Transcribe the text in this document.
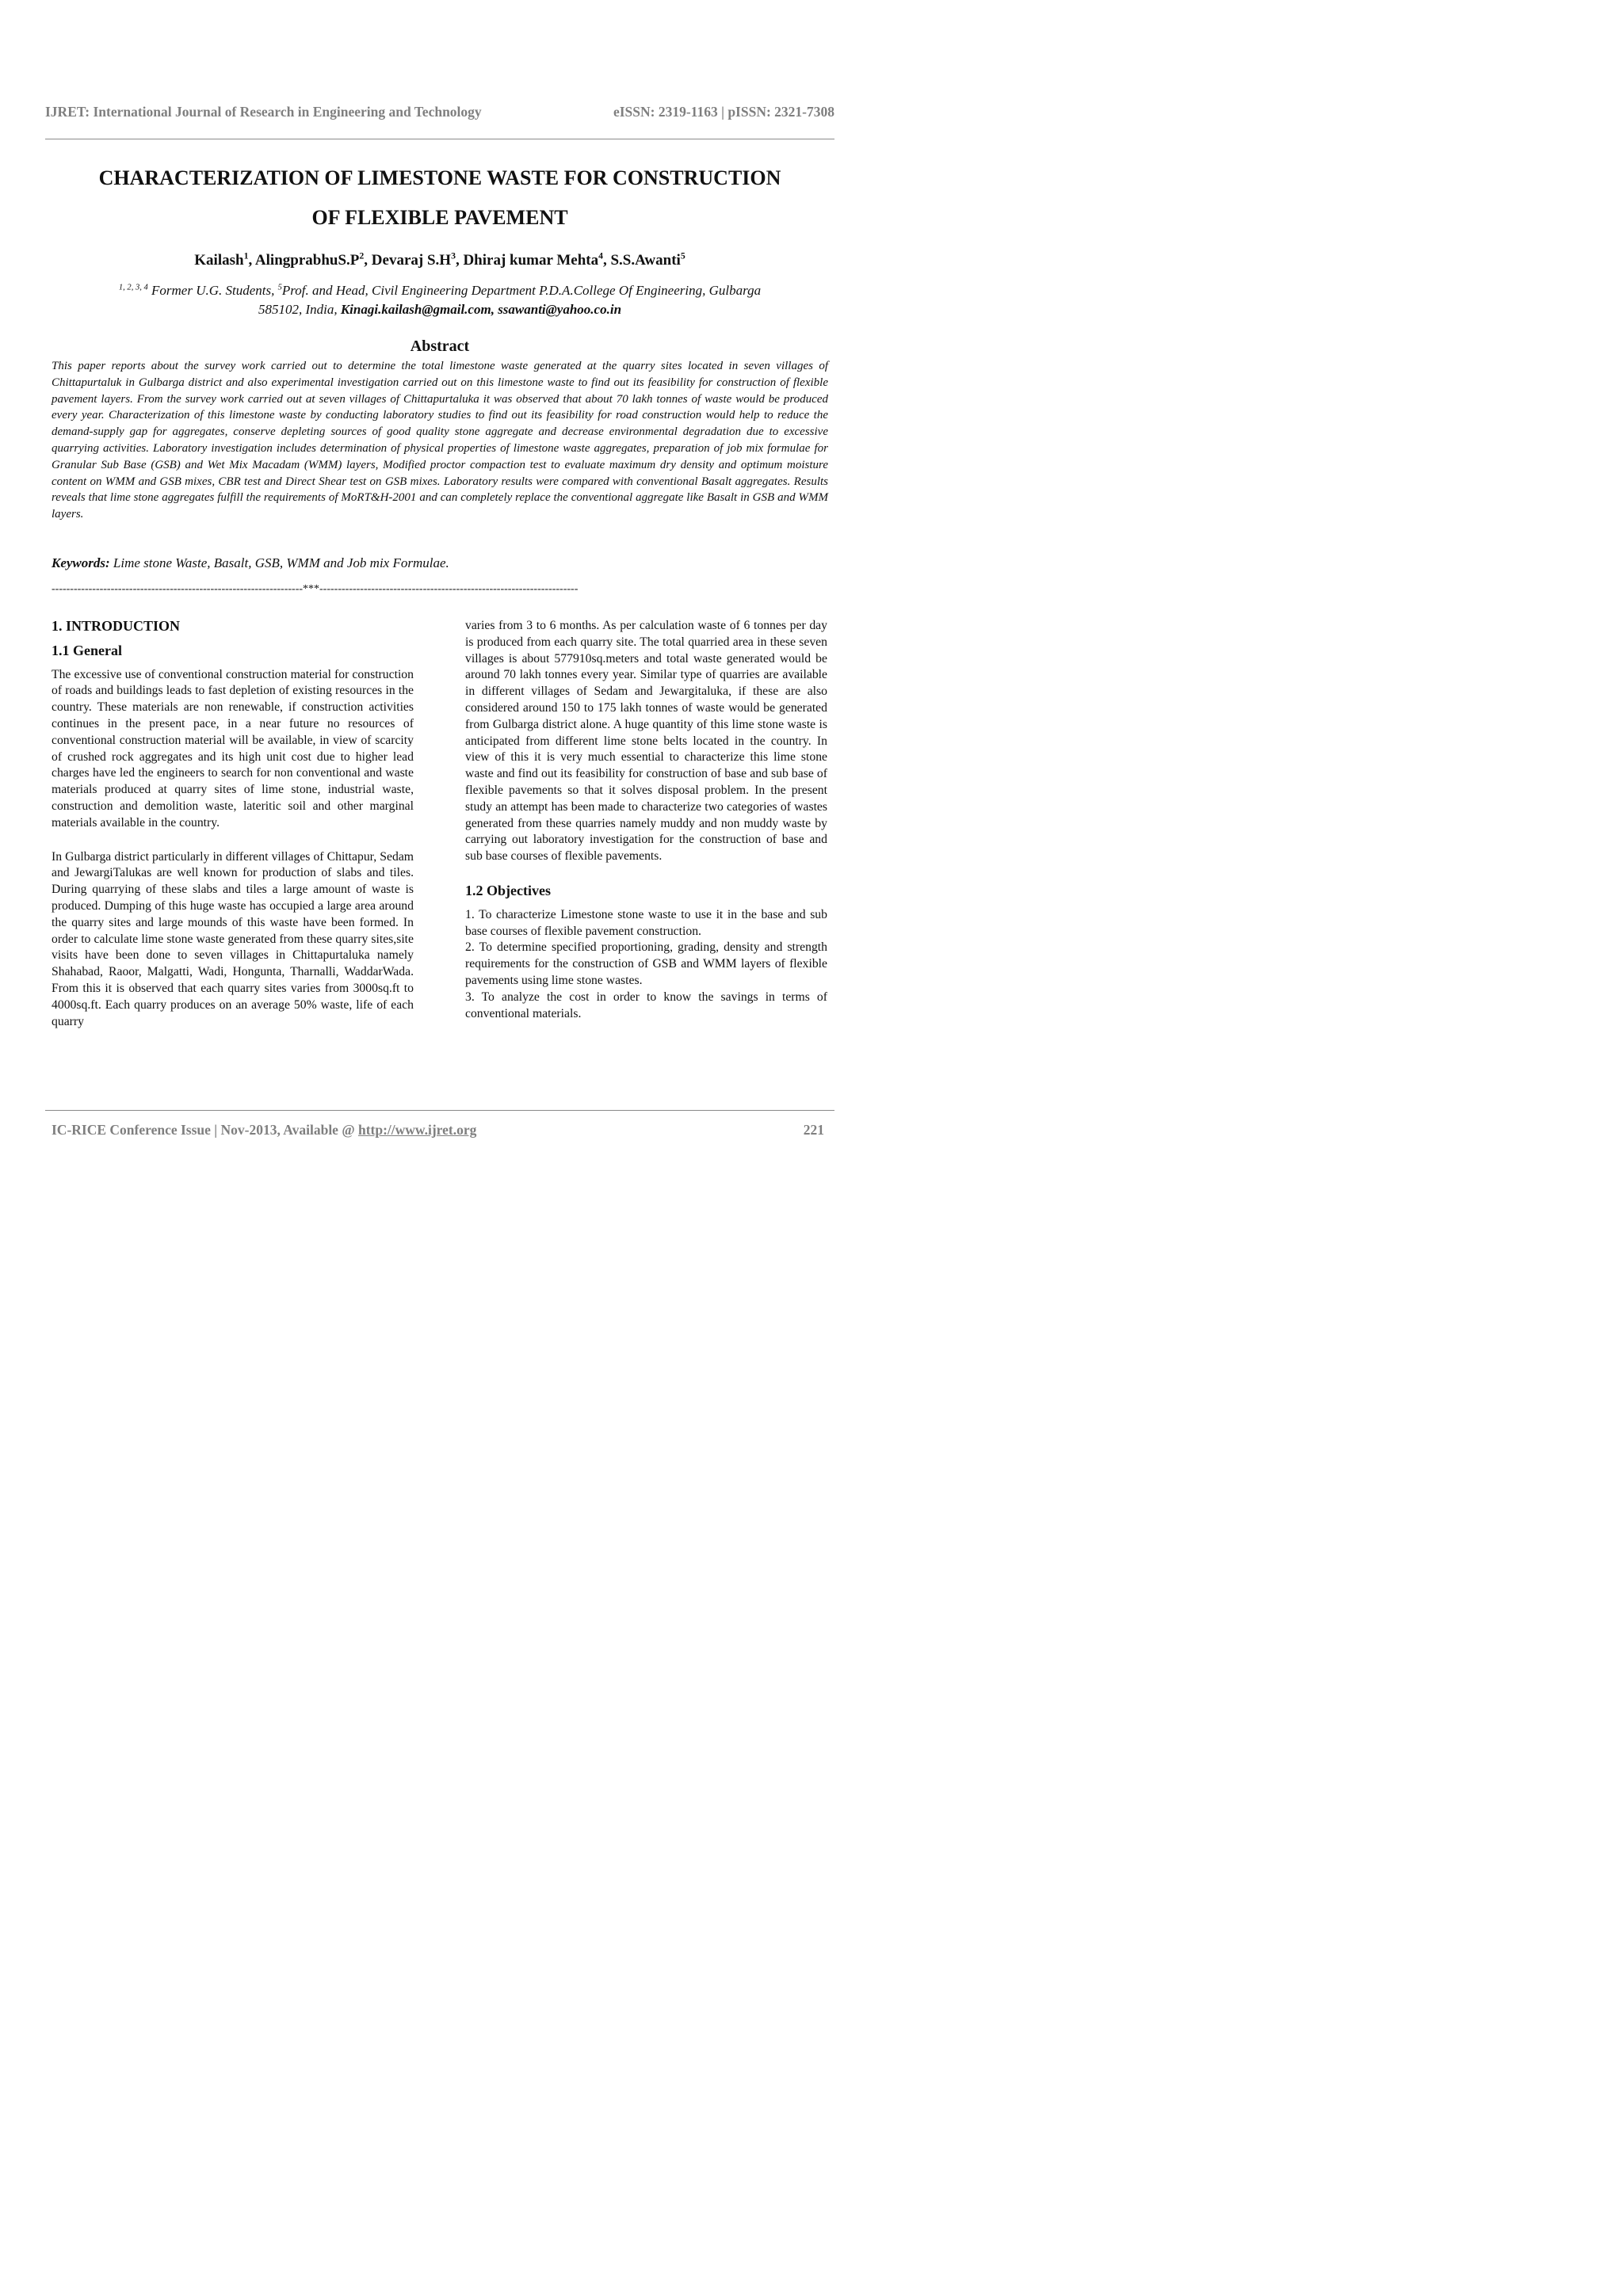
IJRET: International Journal of Research in Engineering and Technology	eISSN: 2319-1163 | pISSN: 2321-7308
CHARACTERIZATION OF LIMESTONE WASTE FOR CONSTRUCTION
OF FLEXIBLE PAVEMENT
Kailash$^1$, $AlingprabhuS.P^2$, Devaraj $S.H^3$, Dhiraj kumar Mehta$^4$, S.S.Awanti$^5$
$^{1, 2, 3, 4}$ Former U.G. Students, $^5$Prof. and Head, Civil Engineering Department P.D.A.College Of Engineering, Gulbarga
585102, India, Kinagi.kailash@gmail.com, ssawanti@yahoo.co.in
Abstract

This paper reports about the survey work carried out to determine the total limestone waste generated at the quarry sites located in seven villages of Chittapurtaluk in Gulbarga district and also experimental investigation carried out on this limestone waste to find out its feasibility for construction of flexible pavement layers. From the survey work carried out at seven villages of Chittapurtaluka it was observed that about 70 lakh tonnes of waste would be produced every year. Characterization of this limestone waste by conducting laboratory studies to find out its feasibility for road construction would help to reduce the demand-supply gap for aggregates, conserve depleting sources of good quality stone aggregate and decrease environmental degradation due to excessive quarrying activities. Laboratory investigation includes determination of physical properties of limestone waste aggregates, preparation of job mix formulae for Granular Sub Base (GSB) and Wet Mix Macadam (WMM) layers, Modified proctor compaction test to evaluate maximum dry density and optimum moisture content on WMM and GSB mixes, CBR test and Direct Shear test on GSB mixes. Laboratory results were compared with conventional Basalt aggregates. Results reveals that lime stone aggregates fulfill the requirements of MoRT&H-2001 and can completely replace the conventional aggregate like Basalt in GSB and WMM layers.

Keywords: Lime stone Waste, Basalt, GSB, WMM and Job mix Formulae.
--------------------------------------------------------------------***----------------------------------------------------------------------
1. INTRODUCTION
1.1 General

The excessive use of conventional construction material for construction of roads and buildings leads to fast depletion of existing resources in the country. These materials are non renewable, if construction activities continues in the present pace, in a near future no resources of conventional construction material will be available, in view of scarcity of crushed rock aggregates and its high unit cost due to higher lead charges have led the engineers to search for non conventional and waste materials produced at quarry sites of lime stone, industrial waste, construction and demolition waste, lateritic soil and other marginal materials available in the country.

In Gulbarga district particularly in different villages of Chittapur, Sedam and JewargiTalukas are well known for production of slabs and tiles. During quarrying of these slabs and tiles a large amount of waste is produced. Dumping of this huge waste has occupied a large area around the quarry sites and large mounds of this waste have been formed. In order to calculate lime stone waste generated from these quarry sites,site visits have been done to seven villages in Chittapurtaluka namely Shahabad, Raoor, Malgatti, Wadi, Hongunta, Tharnalli, WaddarWada. From this it is observed that each quarry sites varies from 3000sq.ft to 4000sq.ft. Each quarry produces on an average 50% waste, life of each quarry

varies from 3 to 6 months. As per calculation waste of 6 tonnes per day is produced from each quarry site. The total quarried area in these seven villages is about 577910sq.meters and total waste generated would be around 70 lakh tonnes every year. Similar type of quarries are available in different villages of Sedam and Jewargitaluka, if these are also considered around 150 to 175 lakh tonnes of waste would be generated from Gulbarga district alone. A huge quantity of this lime stone waste is anticipated from different lime stone belts located in the country. In view of this it is very much essential to characterize this lime stone waste and find out its feasibility for construction of base and sub base of flexible pavements so that it solves disposal problem. In the present study an attempt has been made to characterize two categories of wastes generated from these quarries namely muddy and non muddy waste by carrying out laboratory investigation for the construction of base and sub base courses of flexible pavements.

1.2 Objectives

1. To characterize Limestone stone waste to use it in the base and sub base courses of flexible pavement construction.

2. To determine specified proportioning, grading, density and strength requirements for the construction of GSB and WMM layers of flexible pavements using lime stone wastes.

3. To analyze the cost in order to know the savings in terms of conventional materials.

IC-RICE Conference Issue | Nov-2013, Available @ http://www.ijret.org	221
